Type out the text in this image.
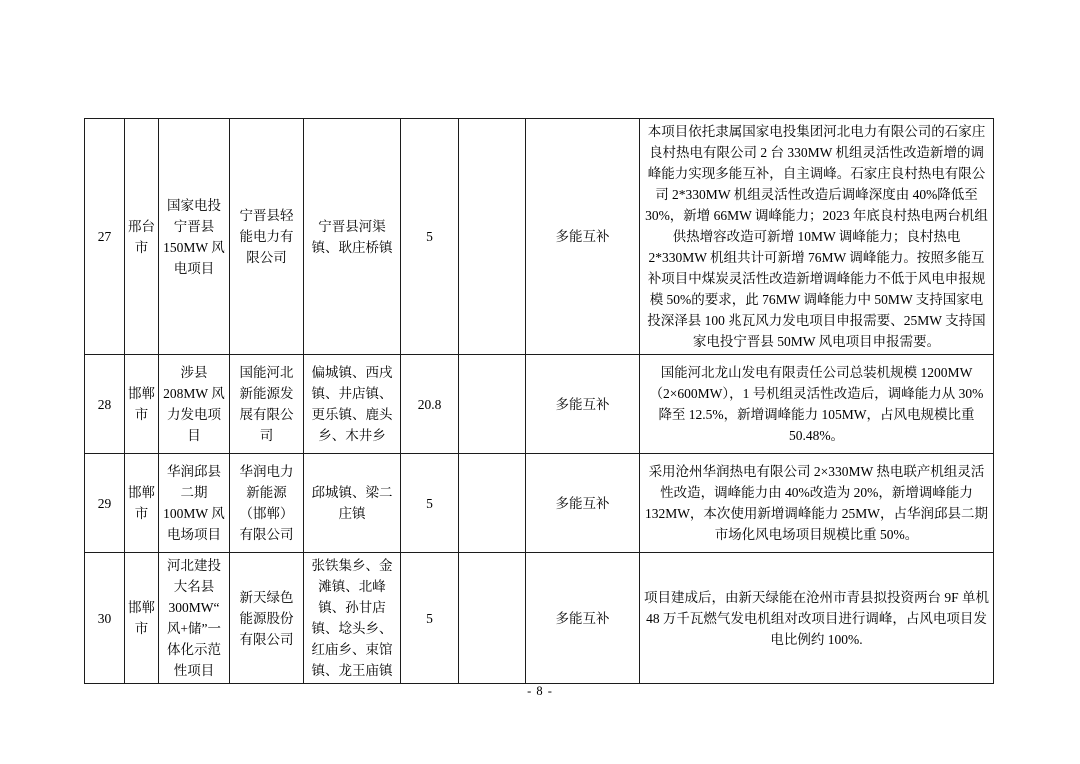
27	邢台市	国家电投宁晋县 150MW 风电项目	宁晋县轻能电力有限公司	宁晋县河渠镇、耿庄桥镇	5		多能互补	本项目依托隶属国家电投集团河北电力有限公司的石家庄良村热电有限公司 2 台 330MW 机组灵活性改造新增的调峰能力实现多能互补，自主调峰。石家庄良村热电有限公司 2*330MW 机组灵活性改造后调峰深度由 40%降低至 30%，新增 66MW 调峰能力；2023 年底良村热电两台机组供热增容改造可新增 10MW 调峰能力；良村热电 2*330MW 机组共计可新增 76MW 调峰能力。按照多能互补项目中煤炭灵活性改造新增调峰能力不低于风电申报规模 50%的要求，此 76MW 调峰能力中 50MW 支持国家电投深泽县 100 兆瓦风力发电项目申报需要、25MW 支持国家电投宁晋县 50MW 风电项目申报需要。
28	邯郸市	涉县 208MW 风力发电项目	国能河北新能源发展有限公司	偏城镇、西戌镇、井店镇、更乐镇、鹿头乡、木井乡	20.8		多能互补	国能河北龙山发电有限责任公司总装机规模 1200MW（2×600MW），1 号机组灵活性改造后，调峰能力从 30%降至 12.5%，新增调峰能力 105MW，占风电规模比重 50.48%。
29	邯郸市	华润邱县二期 100MW 风电场项目	华润电力新能源（邯郸）有限公司	邱城镇、梁二庄镇	5		多能互补	采用沧州华润热电有限公司 2×330MW 热电联产机组灵活性改造，调峰能力由 40%改造为 20%，新增调峰能力 132MW，本次使用新增调峰能力 25MW，占华润邱县二期市场化风电场项目规模比重 50%。
30	邯郸市	河北建投大名县 300MW“风+储”一体化示范性项目	新天绿色能源股份有限公司	张铁集乡、金滩镇、北峰镇、孙甘店镇、埝头乡、红庙乡、束馆镇、龙王庙镇	5		多能互补	项目建成后，由新天绿能在沧州市青县拟投资两台 9F 单机 48 万千瓦燃气发电机组对改项目进行调峰，占风电项目发电比例约 100%.
- 8 -
